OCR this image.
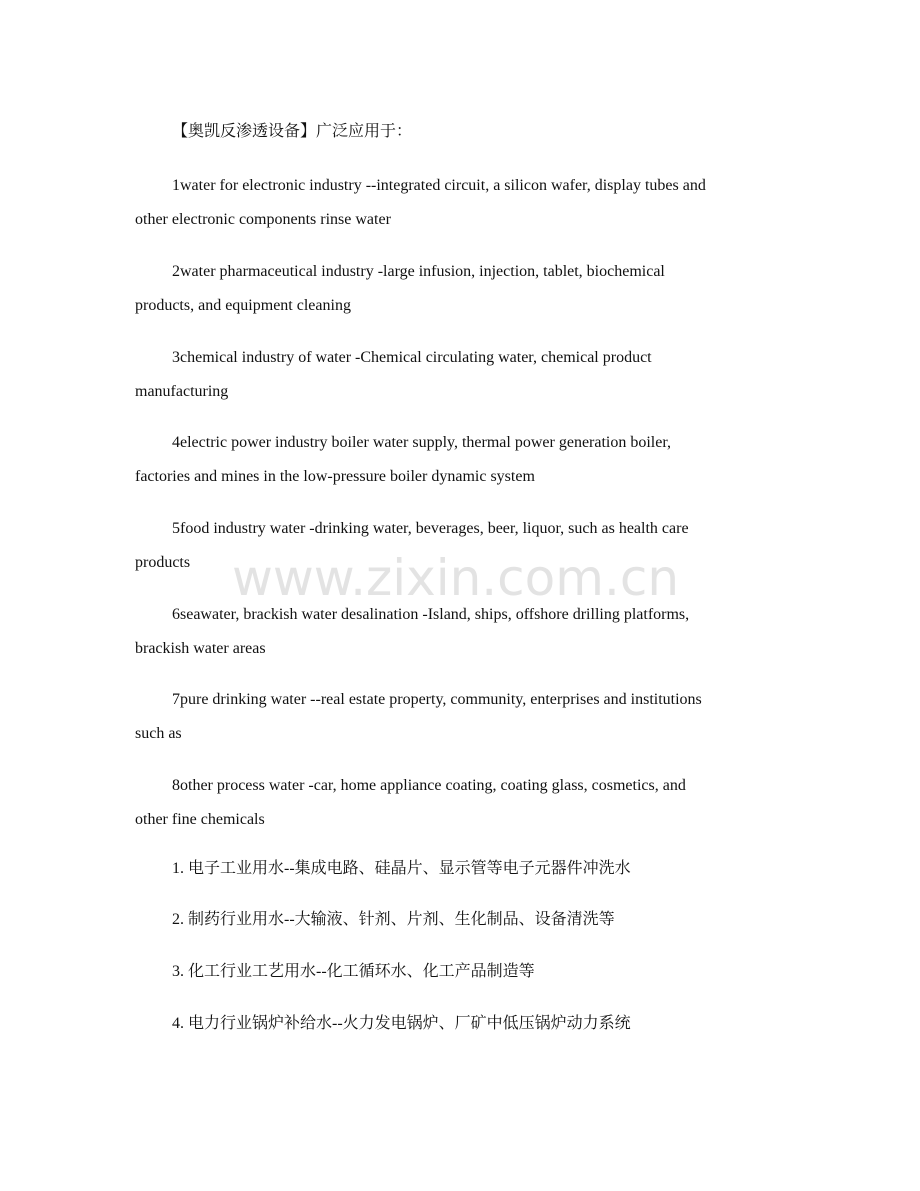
【奥凯反渗透设备】广泛应用于：
1water for electronic industry --integrated circuit, a silicon wafer, display tubes and
other electronic components rinse water
2water pharmaceutical industry -large infusion, injection, tablet, biochemical
products, and equipment cleaning
3chemical industry of water -Chemical circulating water, chemical product
manufacturing
4electric power industry boiler water supply, thermal power generation boiler,
factories and mines in the low-pressure boiler dynamic system
5food industry water -drinking water, beverages, beer, liquor, such as health care
products
6seawater, brackish water desalination -Island, ships, offshore drilling platforms,
brackish water areas
7pure drinking water --real estate property, community, enterprises and institutions
such as
8other process water -car, home appliance coating, coating glass, cosmetics, and
other fine chemicals
1. 电子工业用水--集成电路、硅晶片、显示管等电子元器件冲洗水
2. 制药行业用水--大输液、针剂、片剂、生化制品、设备清洗等
3. 化工行业工艺用水--化工循环水、化工产品制造等
4. 电力行业锅炉补给水--火力发电锅炉、厂矿中低压锅炉动力系统
www.zixin.com.cn
